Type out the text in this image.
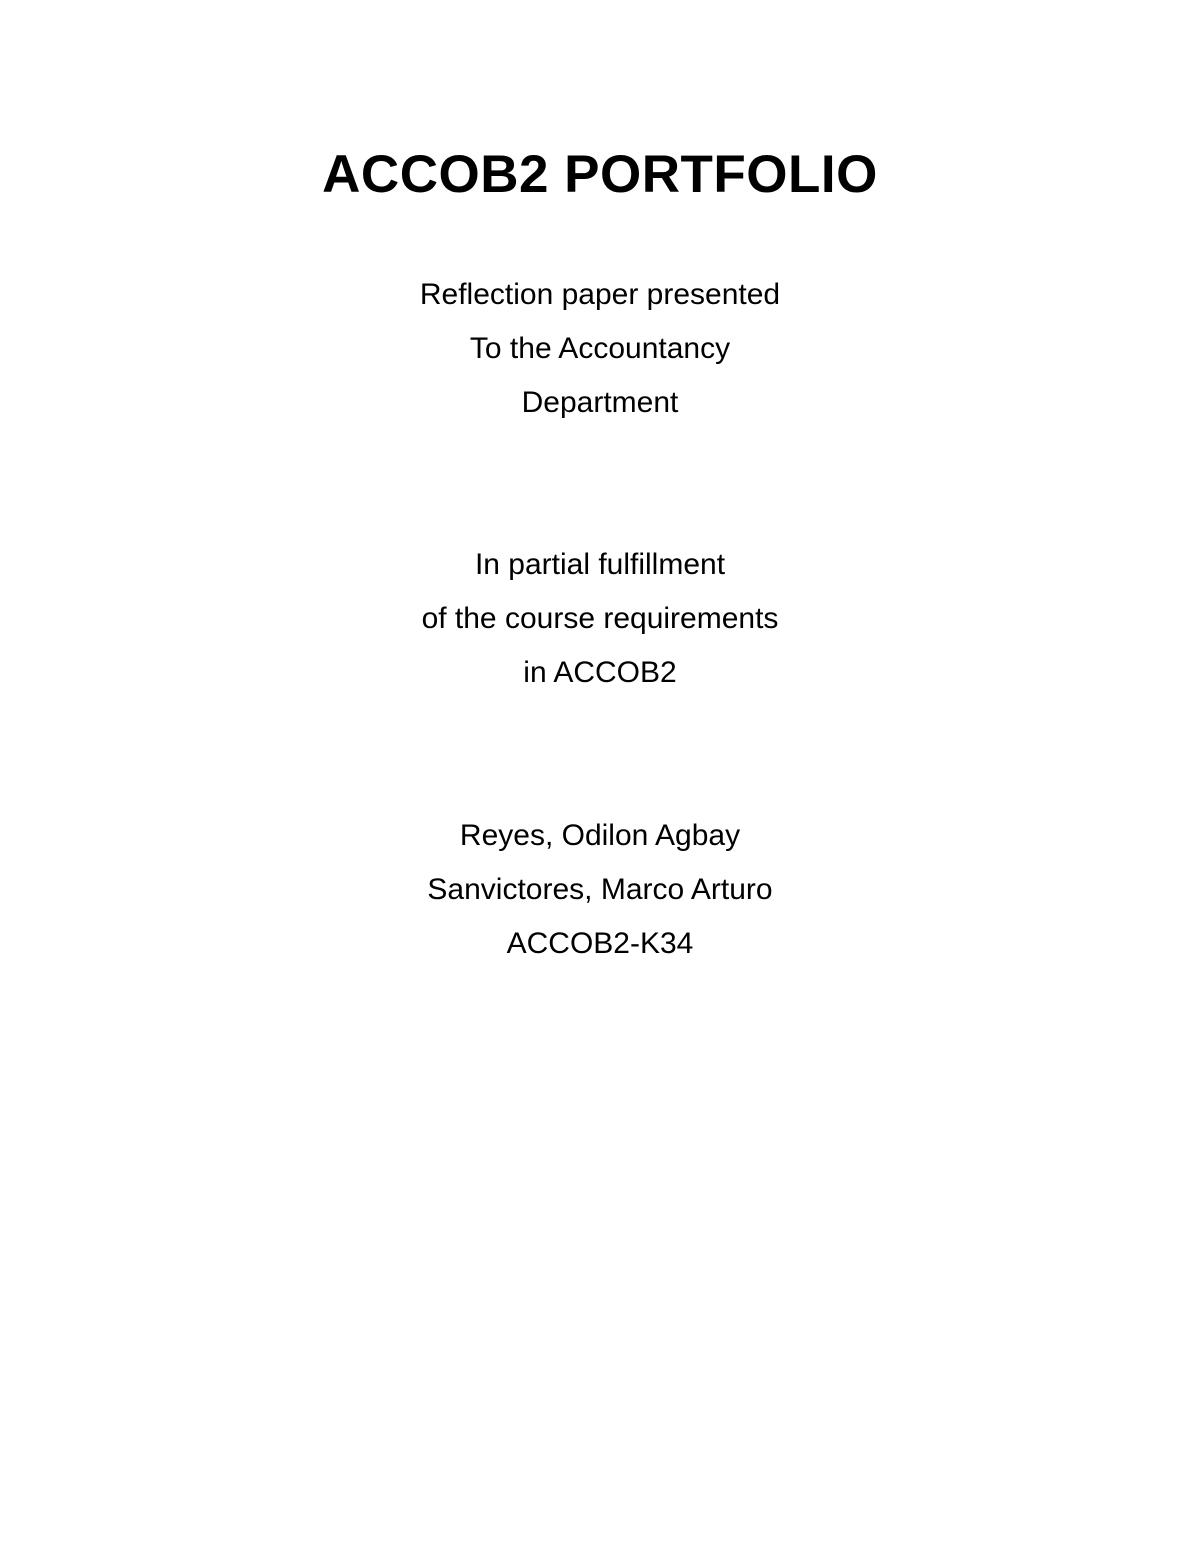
ACCOB2 PORTFOLIO
Reflection paper presented
To the Accountancy
Department
In partial fulfillment
of the course requirements
in ACCOB2
Reyes, Odilon Agbay
Sanvictores, Marco Arturo
ACCOB2-K34
